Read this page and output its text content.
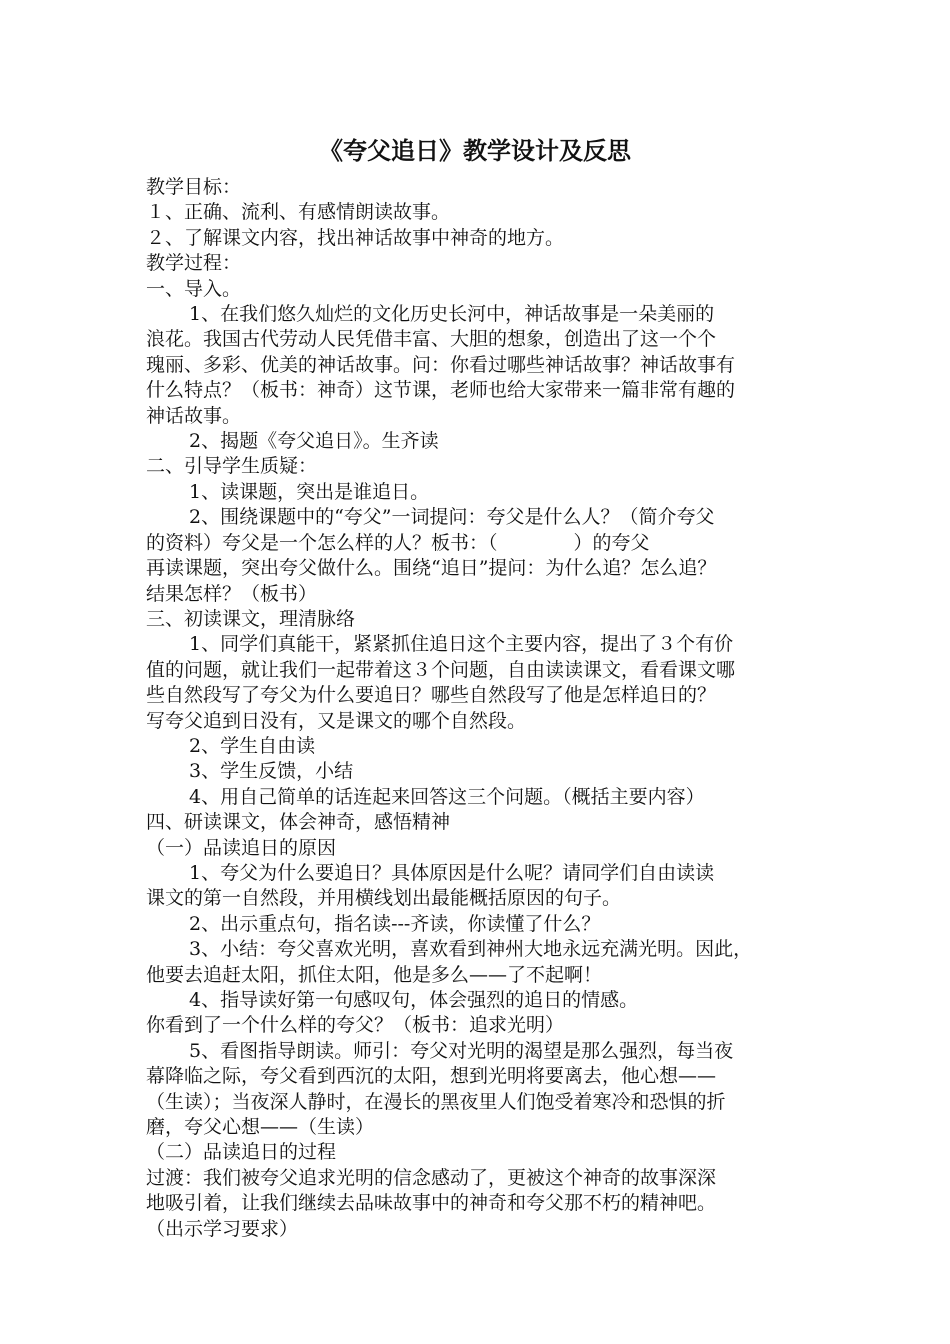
《夸父追日》教学设计及反思

教学目标：

１、正确、流利、有感情朗读故事。

２、了解课文内容，找出神话故事中神奇的地方。

教学过程：

一、导入。

1、在我们悠久灿烂的文化历史长河中，神话故事是一朵美丽的

浪花。我国古代劳动人民凭借丰富、大胆的想象，创造出了这一个个

瑰丽、多彩、优美的神话故事。问：你看过哪些神话故事？神话故事有

什么特点？（板书：神奇）这节课，老师也给大家带来一篇非常有趣的

神话故事。

2、揭题《夸父追日》。生齐读

二、引导学生质疑：

1、读课题，突出是谁追日。

2、围绕课题中的“夸父”一词提问：夸父是什么人？（简介夸父

的资料）夸父是一个怎么样的人？板书：（　　　　）的夸父

再读课题，突出夸父做什么。围绕“追日”提问：为什么追？怎么追？

结果怎样？（板书）

三、初读课文，理清脉络

1、同学们真能干，紧紧抓住追日这个主要内容，提出了３个有价

值的问题，就让我们一起带着这３个问题，自由读读课文，看看课文哪

些自然段写了夸父为什么要追日？哪些自然段写了他是怎样追日的？

写夸父追到日没有，又是课文的哪个自然段。

2、学生自由读

3、学生反馈，小结

4、用自己简单的话连起来回答这三个问题。（概括主要内容）

四、研读课文，体会神奇，感悟精神

（一）品读追日的原因

1、夸父为什么要追日？具体原因是什么呢？请同学们自由读读

课文的第一自然段，并用横线划出最能概括原因的句子。

2、出示重点句，指名读---齐读，你读懂了什么？

3、小结：夸父喜欢光明，喜欢看到神州大地永远充满光明。因此，

他要去追赶太阳，抓住太阳，他是多么——了不起啊！

4、指导读好第一句感叹句，体会强烈的追日的情感。

你看到了一个什么样的夸父？（板书：追求光明）

5、看图指导朗读。师引：夸父对光明的渴望是那么强烈，每当夜

幕降临之际，夸父看到西沉的太阳，想到光明将要离去，他心想——

（生读）；当夜深人静时，在漫长的黑夜里人们饱受着寒冷和恐惧的折

磨，夸父心想——（生读）

（二）品读追日的过程

过渡：我们被夸父追求光明的信念感动了，更被这个神奇的故事深深

地吸引着，让我们继续去品味故事中的神奇和夸父那不朽的精神吧。

（出示学习要求）
